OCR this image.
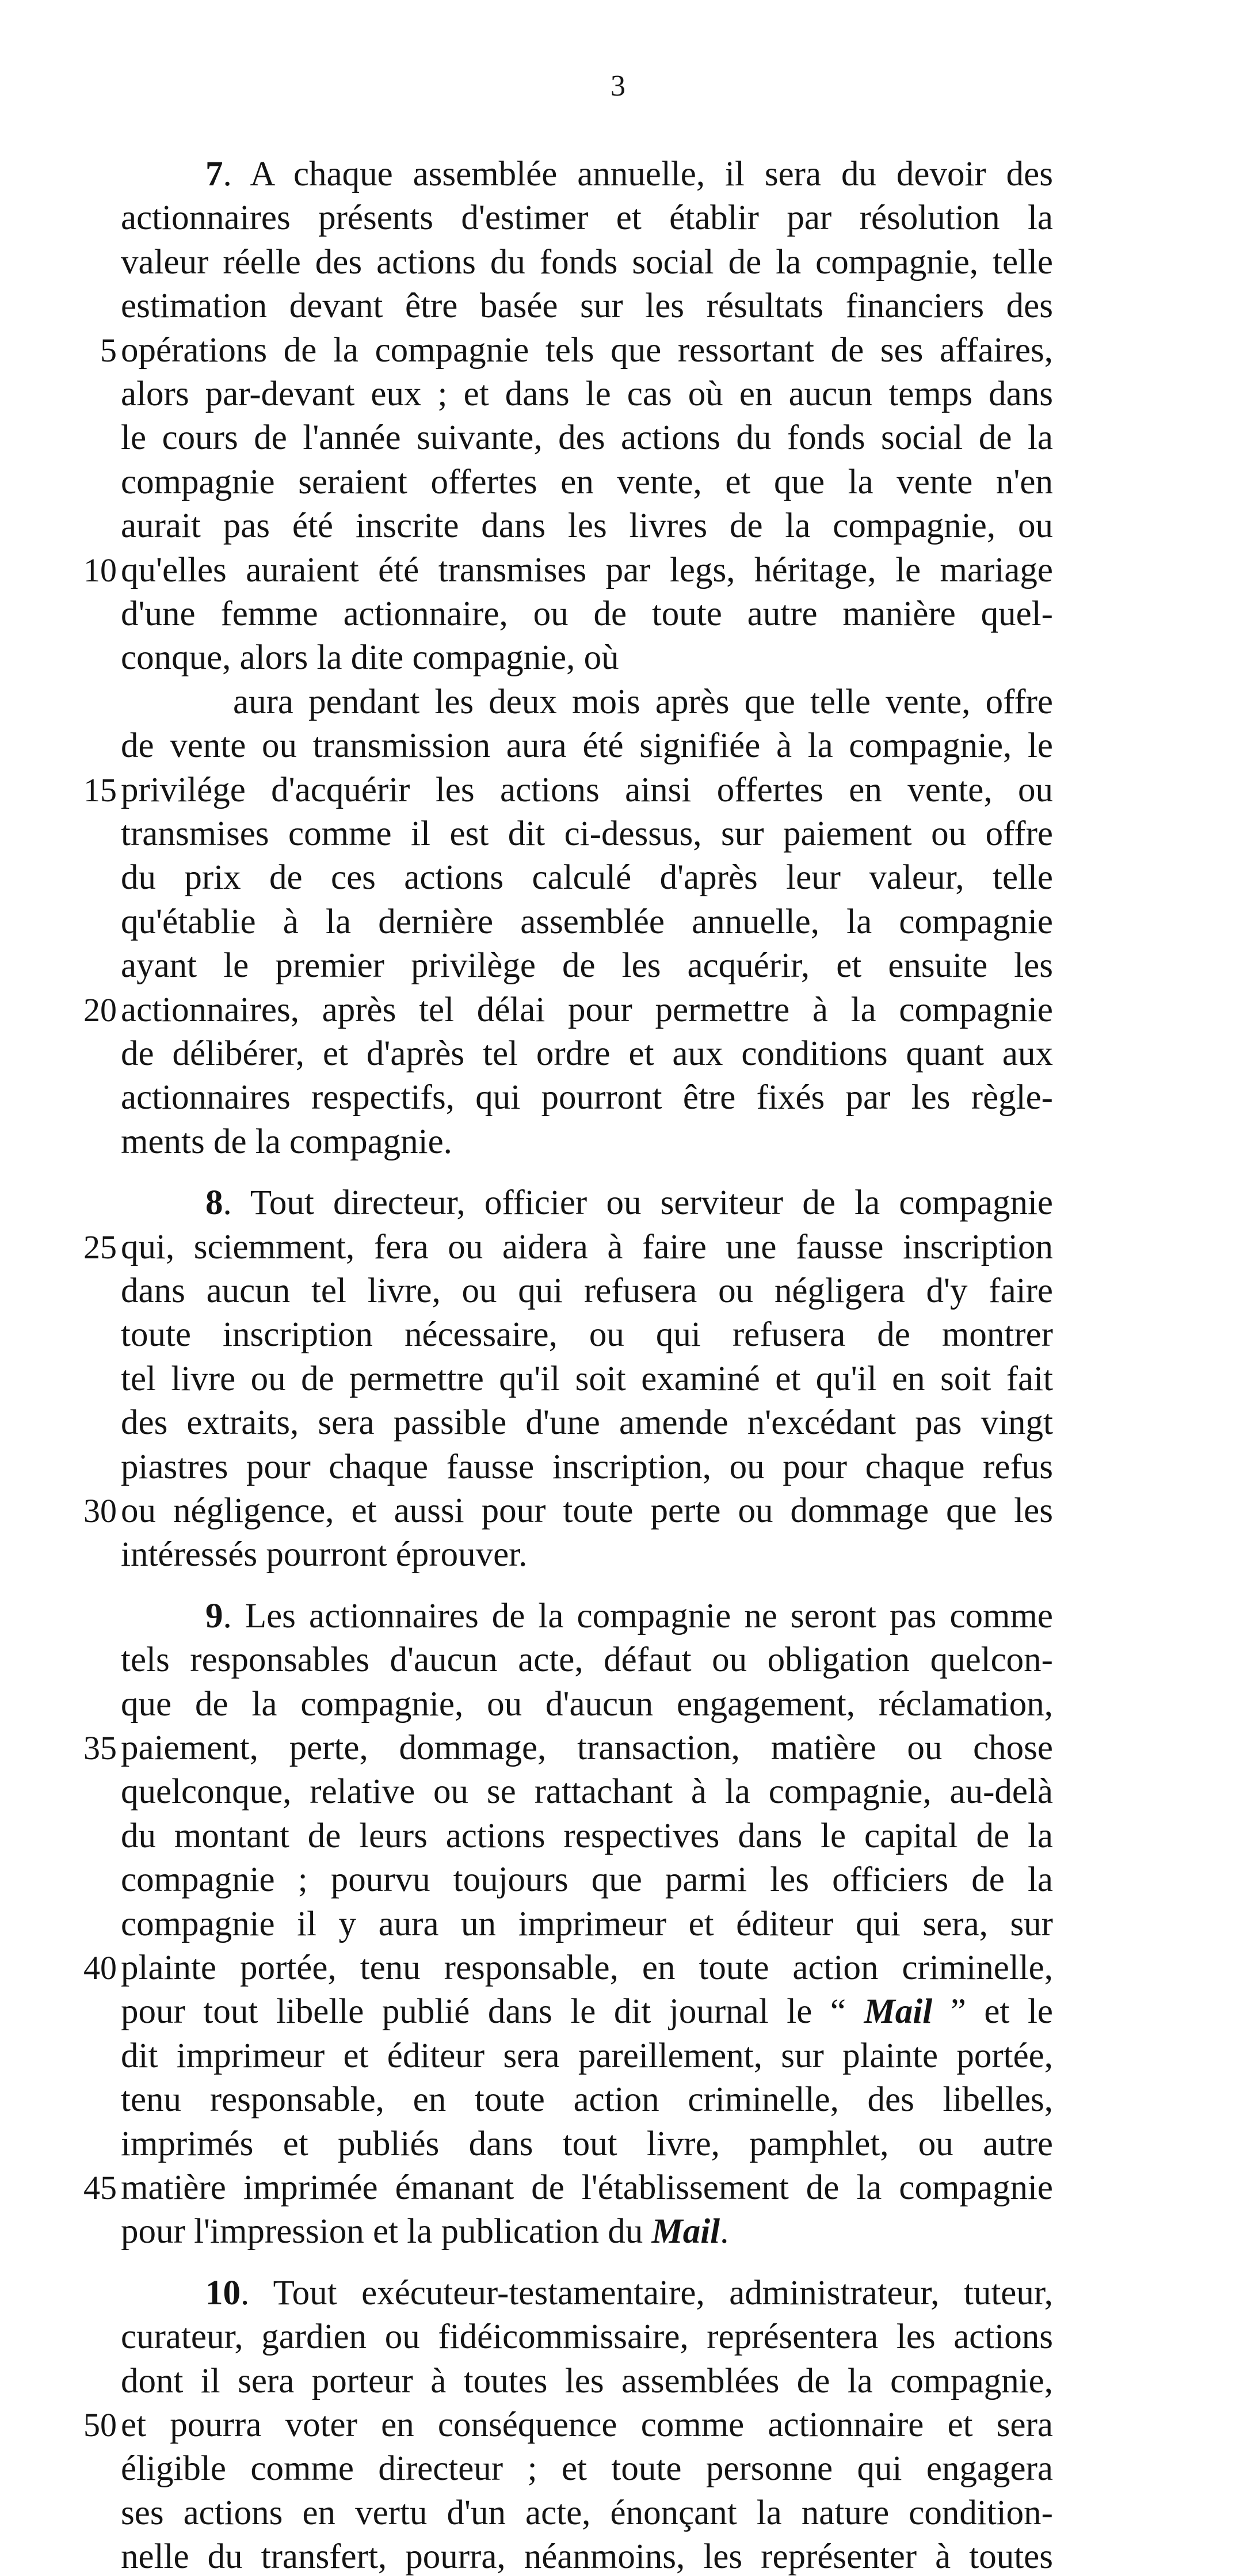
3
7. A chaque assemblée annuelle, il sera du devoir des
actionnaires présents d'estimer et établir par résolution la
valeur réelle des actions du fonds social de la compagnie, telle
estimation devant être basée sur les résultats financiers des
5 opérations de la compagnie tels que ressortant de ses affaires,
alors par-devant eux ; et dans le cas où en aucun temps dans
le cours de l'année suivante, des actions du fonds social de la
compagnie seraient offertes en vente, et que la vente n'en
aurait pas été inscrite dans les livres de la compagnie, ou
10 qu'elles auraient été transmises par legs, héritage, le mariage
d'une femme actionnaire, ou de toute autre manière quel-
conque, alors la dite compagnie, où
aura pendant les deux mois après que telle vente, offre
de vente ou transmission aura été signifiée à la compagnie, le
15 privilége d'acquérir les actions ainsi offertes en vente, ou
transmises comme il est dit ci-dessus, sur paiement ou offre
du prix de ces actions calculé d'après leur valeur, telle
qu'établie à la dernière assemblée annuelle, la compagnie
ayant le premier privilège de les acquérir, et ensuite les
20 actionnaires, après tel délai pour permettre à la compagnie
de délibérer, et d'après tel ordre et aux conditions quant aux
actionnaires respectifs, qui pourront être fixés par les règle-
ments de la compagnie.
8. Tout directeur, officier ou serviteur de la compagnie
25 qui, sciemment, fera ou aidera à faire une fausse inscription
dans aucun tel livre, ou qui refusera ou négligera d'y faire
toute inscription nécessaire, ou qui refusera de montrer
tel livre ou de permettre qu'il soit examiné et qu'il en soit fait
des extraits, sera passible d'une amende n'excédant pas vingt
piastres pour chaque fausse inscription, ou pour chaque refus
30 ou négligence, et aussi pour toute perte ou dommage que les
intéressés pourront éprouver.
9. Les actionnaires de la compagnie ne seront pas comme
tels responsables d'aucun acte, défaut ou obligation quelcon-
que de la compagnie, ou d'aucun engagement, réclamation,
35 paiement, perte, dommage, transaction, matière ou chose
quelconque, relative ou se rattachant à la compagnie, au-delà
du montant de leurs actions respectives dans le capital de la
compagnie ; pourvu toujours que parmi les officiers de la
compagnie il y aura un imprimeur et éditeur qui sera, sur
40 plainte portée, tenu responsable, en toute action criminelle,
pour tout libelle publié dans le dit journal le “ Mail ” et le
dit imprimeur et éditeur sera pareillement, sur plainte portée,
tenu responsable, en toute action criminelle, des libelles,
imprimés et publiés dans tout livre, pamphlet, ou autre
45 matière imprimée émanant de l'établissement de la compagnie
pour l'impression et la publication du Mail.
10. Tout exécuteur-testamentaire, administrateur, tuteur,
curateur, gardien ou fidéicommissaire, représentera les actions
dont il sera porteur à toutes les assemblées de la compagnie,
50 et pourra voter en conséquence comme actionnaire et sera
éligible comme directeur ; et toute personne qui engagera
ses actions en vertu d'un acte, énonçant la nature condition-
nelle du transfert, pourra, néanmoins, les représenter à toutes
